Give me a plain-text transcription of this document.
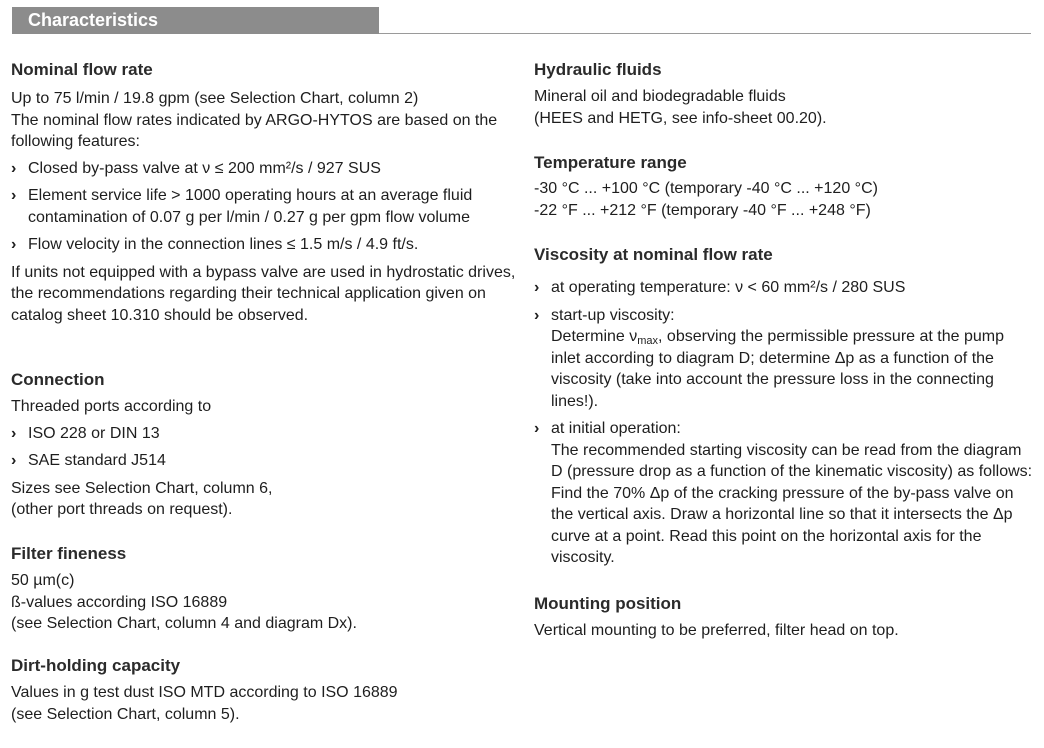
Characteristics
Nominal flow rate

Up to 75 l/min / 19.8 gpm (see Selection Chart, column 2)

The nominal flow rates indicated by ARGO-HYTOS are based on the following features:

› Closed by-pass valve at ν ≤ 200 mm²/s / 927 SUS
› Element service life > 1000 operating hours at an average fluid contamination of 0.07 g per l/min / 0.27 g per gpm flow volume
› Flow velocity in the connection lines ≤ 1.5 m/s / 4.9 ft/s.

If units not equipped with a bypass valve are used in hydrostatic drives, the recommendations regarding their technical application given on catalog sheet 10.310 should be observed.

Connection

Threaded ports according to

› ISO 228 or DIN 13
› SAE standard J514

Sizes see Selection Chart, column 6,

(other port threads on request).

Filter fineness

50 µm(c)

ß-values according ISO 16889

(see Selection Chart, column 4 and diagram Dx).

Dirt-holding capacity

Values in g test dust ISO MTD according to ISO 16889

(see Selection Chart, column 5).

Hydraulic fluids

Mineral oil and biodegradable fluids

(HEES and HETG, see info-sheet 00.20).

Temperature range

-30 °C ... +100 °C (temporary -40 °C ... +120 °C)

-22 °F ... +212 °F (temporary -40 °F ... +248 °F)

Viscosity at nominal flow rate
› at operating temperature: ν < 60 mm²/s / 280 SUS
› start-up viscosity:
Determine $\nu_{max}$, observing the permissible pressure at the pump inlet according to diagram D; determine Δp as a function of the viscosity (take into account the pressure loss in the connecting lines!).
› at initial operation:
The recommended starting viscosity can be read from the diagram D (pressure drop as a function of the kinematic viscosity) as follows: Find the 70% Δp of the cracking pressure of the by-pass valve on the vertical axis. Draw a horizontal line so that it intersects the Δp curve at a point. Read this point on the horizontal axis for the viscosity.
Mounting position

Vertical mounting to be preferred, filter head on top.
